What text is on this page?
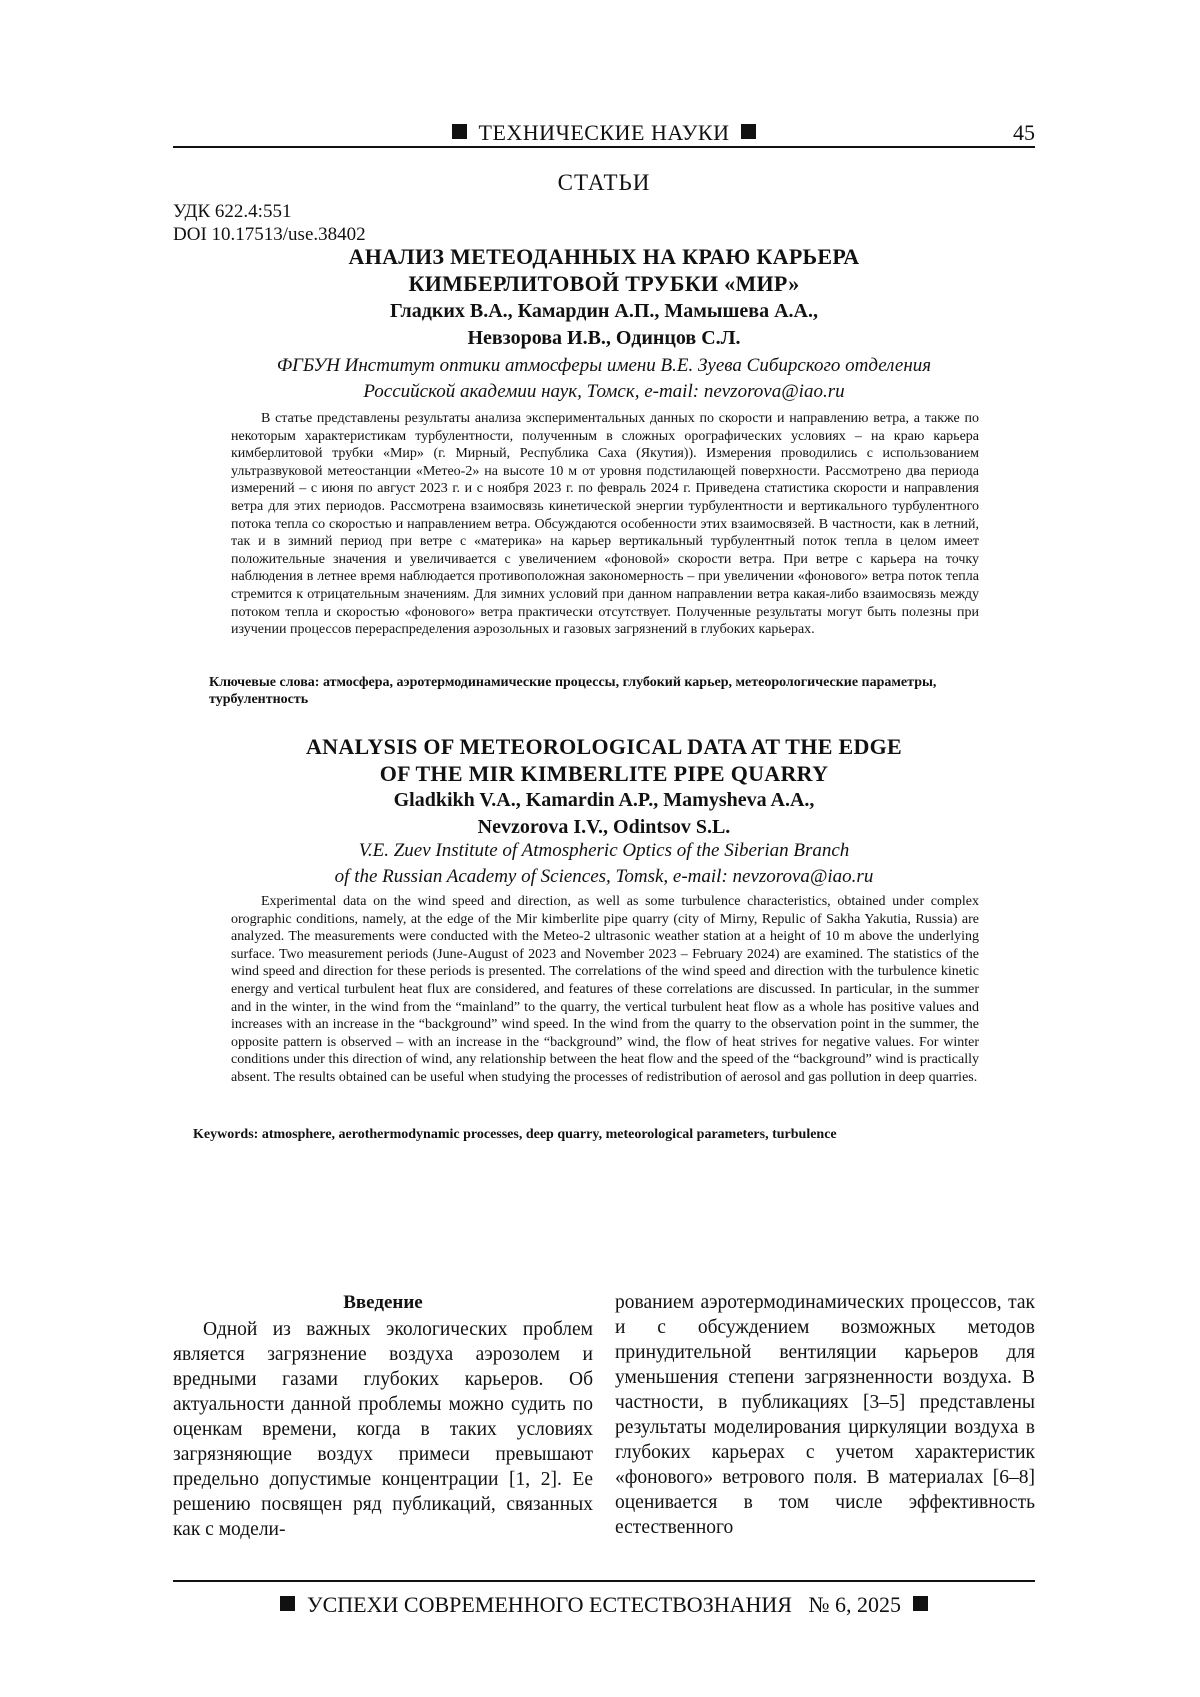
ТЕХНИЧЕСКИЕ НАУКИ	45
СТАТЬИ
УДК 622.4:551
DOI 10.17513/use.38402
АНАЛИЗ МЕТЕОДАННЫХ НА КРАЮ КАРЬЕРА
КИМБЕРЛИТОВОЙ ТРУБКИ «МИР»
Гладких В.А., Камардин А.П., Мамышева А.А.,
Невзорова И.В., Одинцов С.Л.
ФГБУН Институт оптики атмосферы имени В.Е. Зуева Сибирского отделения
Российской академии наук, Томск, e-mail: nevzorova@iao.ru
В статье представлены результаты анализа экспериментальных данных по скорости и направлению ветра, а также по некоторым характеристикам турбулентности, полученным в сложных орографических условиях – на краю карьера кимберлитовой трубки «Мир» (г. Мирный, Республика Саха (Якутия)). Измерения проводились с использованием ультразвуковой метеостанции «Метео-2» на высоте 10 м от уровня подстилающей поверхности. Рассмотрено два периода измерений – с июня по август 2023 г. и с ноября 2023 г. по февраль 2024 г. Приведена статистика скорости и направления ветра для этих периодов. Рассмотрена взаимосвязь кинетической энергии турбулентности и вертикального турбулентного потока тепла со скоростью и направлением ветра. Обсуждаются особенности этих взаимосвязей. В частности, как в летний, так и в зимний период при ветре с «материка» на карьер вертикальный турбулентный поток тепла в целом имеет положительные значения и увеличивается с увеличением «фоновой» скорости ветра. При ветре с карьера на точку наблюдения в летнее время наблюдается противоположная закономерность – при увеличении «фонового» ветра поток тепла стремится к отрицательным значениям. Для зимних условий при данном направлении ветра какая-либо взаимосвязь между потоком тепла и скоростью «фонового» ветра практически отсутствует. Полученные результаты могут быть полезны при изучении процессов перераспределения аэрозольных и газовых загрязнений в глубоких карьерах.
Ключевые слова: атмосфера, аэротермодинамические процессы, глубокий карьер, метеорологические параметры, турбулентность
ANALYSIS OF METEOROLOGICAL DATA AT THE EDGE
OF THE MIR KIMBERLITE PIPE QUARRY
Gladkikh V.A., Kamardin A.P., Mamysheva A.A.,
Nevzorova I.V., Odintsov S.L.
V.E. Zuev Institute of Atmospheric Optics of the Siberian Branch
of the Russian Academy of Sciences, Tomsk, e-mail: nevzorova@iao.ru
Experimental data on the wind speed and direction, as well as some turbulence characteristics, obtained under complex orographic conditions, namely, at the edge of the Mir kimberlite pipe quarry (city of Mirny, Repulic of Sakha Yakutia, Russia) are analyzed. The measurements were conducted with the Meteo-2 ultrasonic weather station at a height of 10 m above the underlying surface. Two measurement periods (June-August of 2023 and November 2023 – February 2024) are examined. The statistics of the wind speed and direction for these periods is presented. The correlations of the wind speed and direction with the turbulence kinetic energy and vertical turbulent heat flux are considered, and features of these correlations are discussed. In particular, in the summer and in the winter, in the wind from the “mainland” to the quarry, the vertical turbulent heat flow as a whole has positive values and increases with an increase in the “background” wind speed. In the wind from the quarry to the observation point in the summer, the opposite pattern is observed – with an increase in the “background” wind, the flow of heat strives for negative values. For winter conditions under this direction of wind, any relationship between the heat flow and the speed of the “background” wind is practically absent. The results obtained can be useful when studying the processes of redistribution of aerosol and gas pollution in deep quarries.
Keywords: atmosphere, aerothermodynamic processes, deep quarry, meteorological parameters, turbulence
Введение

Одной из важных экологических проблем является загрязнение воздуха аэрозолем и вредными газами глубоких карьеров. Об актуальности данной проблемы можно судить по оценкам времени, когда в таких условиях загрязняющие воздух примеси превышают предельно допустимые концентрации [1, 2]. Ее решению посвящен ряд публикаций, связанных как с модели-

рованием аэротермодинамических процессов, так и с обсуждением возможных методов принудительной вентиляции карьеров для уменьшения степени загрязненности воздуха. В частности, в публикациях [3–5] представлены результаты моделирования циркуляции воздуха в глубоких карьерах с учетом характеристик «фонового» ветрового поля. В материалах [6–8] оценивается в том числе эффективность естественного

УСПЕХИ СОВРЕМЕННОГО ЕСТЕСТВОЗНАНИЯ № 6, 2025
